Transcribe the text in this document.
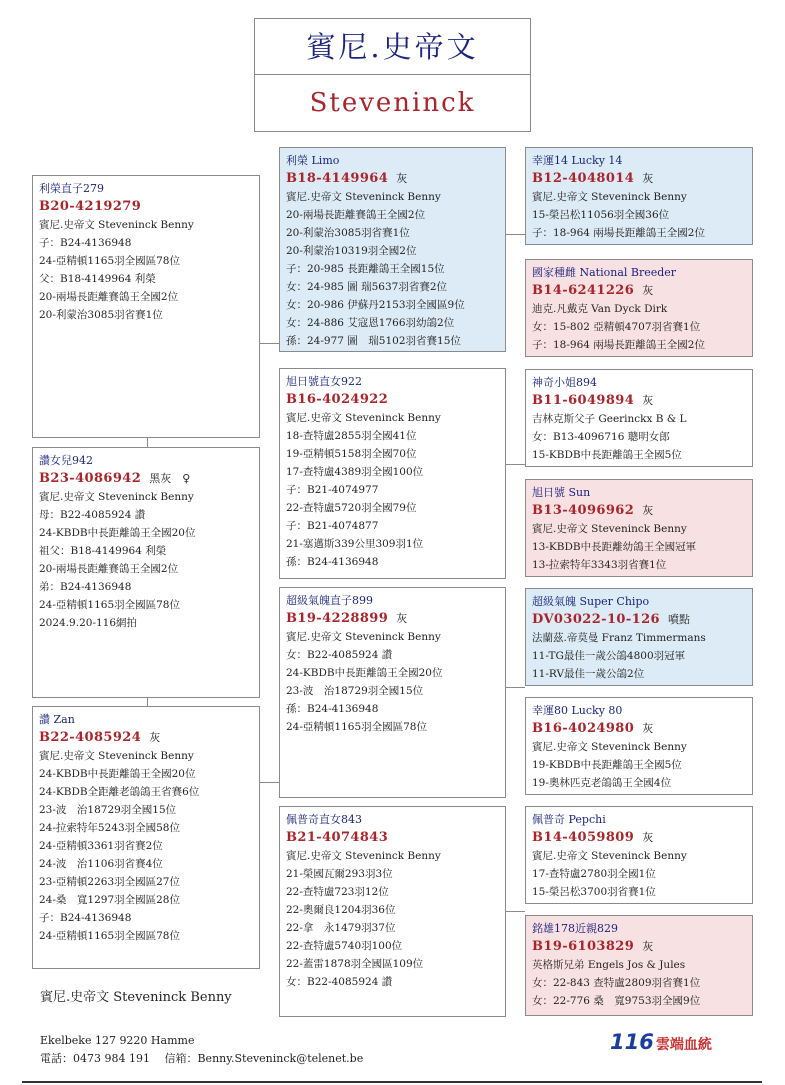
賓尼.史帝文
Steveninck
利榮直子279
B20-4219279
賓尼.史帝文 Steveninck Benny
子：B24-4136948
24-亞精頓1165羽全國區78位
父：B18-4149964 利榮
20-兩場長距離賽鴿王全國2位
20-利蒙治3085羽省賽1位
讚女兒942
B23-4086942 黑灰　♀
賓尼.史帝文 Steveninck Benny
母：B22-4085924 讚
24-KBDB中長距離鴿王全國20位
祖父：B18-4149964 利榮
20-兩場長距離賽鴿王全國2位
弟：B24-4136948
24-亞精頓1165羽全國區78位
2024.9.20-116網拍
讚 Zan
B22-4085924 灰
賓尼.史帝文 Steveninck Benny
24-KBDB中長距離鴿王全國20位
24-KBDB全距離老鴿鴿王省賽6位
23-波　治18729羽全國15位
24-拉索特年5243羽全國58位
24-亞精頓3361羽省賽2位
24-波　治1106羽省賽4位
23-亞精頓2263羽全國區27位
24-桑　寬1297羽全國區28位
子：B24-4136948
24-亞精頓1165羽全國區78位
利榮 Limo
B18-4149964 灰
賓尼.史帝文 Steveninck Benny
20-兩場長距離賽鴿王全國2位
20-利蒙治3085羽省賽1位
20-利蒙治10319羽全國2位
子：20-985 長距離鴿王全國15位
女：24-985 圖 瑞5637羽省賽2位
女：20-986 伊蘇丹2153羽全國區9位
女：24-886 艾寇恩1766羽幼鴿2位
孫：24-977 圖　瑞5102羽省賽15位
旭日號直女922
B16-4024922
賓尼.史帝文 Steveninck Benny
18-查特盧2855羽全國41位
19-亞精頓5158羽全國70位
17-查特盧4389羽全國100位
子：B21-4074977
22-查特盧5720羽全國79位
子：B21-4074877
21-塞邁斯339公里309羽1位
孫：B24-4136948
超級氣魄直子899
B19-4228899 灰
賓尼.史帝文 Steveninck Benny
女：B22-4085924 讚
24-KBDB中長距離鴿王全國20位
23-波　治18729羽全國15位
孫：B24-4136948
24-亞精頓1165羽全國區78位
佩普奇直女843
B21-4074843
賓尼.史帝文 Steveninck Benny
21-榮國瓦爾293羽3位
22-查特盧723羽12位
22-奧爾良1204羽36位
22-拿　永1479羽37位
22-查特盧5740羽100位
22-蓋雷1878羽全國區109位
女：B22-4085924 讚
幸運14 Lucky 14
B12-4048014 灰
賓尼.史帝文 Steveninck Benny
15-榮呂松11056羽全國36位
子：18-964 兩場長距離鴿王全國2位
國家種雌 National Breeder
B14-6241226 灰
迪克.凡戴克 Van Dyck Dirk
女：15-802 亞精頓4707羽省賽1位
子：18-964 兩場長距離鴿王全國2位
神奇小姐894
B11-6049894 灰
吉林克斯父子 Geerinckx B & L
女：B13-4096716 聰明女郎
15-KBDB中長距離鴿王全國5位
旭日號 Sun
B13-4096962 灰
賓尼.史帝文 Steveninck Benny
13-KBDB中長距離幼鴿王全國冠軍
13-拉索特年3343羽省賽1位
超級氣魄 Super Chipo
DV03022-10-126 噴點
法蘭茲.帝莫曼 Franz Timmermans
11-TG最佳一歲公鴿4800羽冠軍
11-RV最佳一歲公鴿2位
幸運80 Lucky 80
B16-4024980 灰
賓尼.史帝文 Steveninck Benny
19-KBDB中長距離鴿王全國5位
19-奧林匹克老鴿鴿王全國4位
佩普奇 Pepchi
B14-4059809 灰
賓尼.史帝文 Steveninck Benny
17-查特盧2780羽全國1位
15-榮呂松3700羽省賽1位
銘雄178近親829
B19-6103829 灰
英格斯兄弟 Engels Jos & Jules
女：22-843 查特盧2809羽省賽1位
女：22-776 桑　寬9753羽全國9位
賓尼.史帝文 Steveninck Benny
Ekelbeke 127 9220 Hamme
電話：0473 984 191　 信箱：Benny.Steveninck@telenet.be
116 雲端血統
